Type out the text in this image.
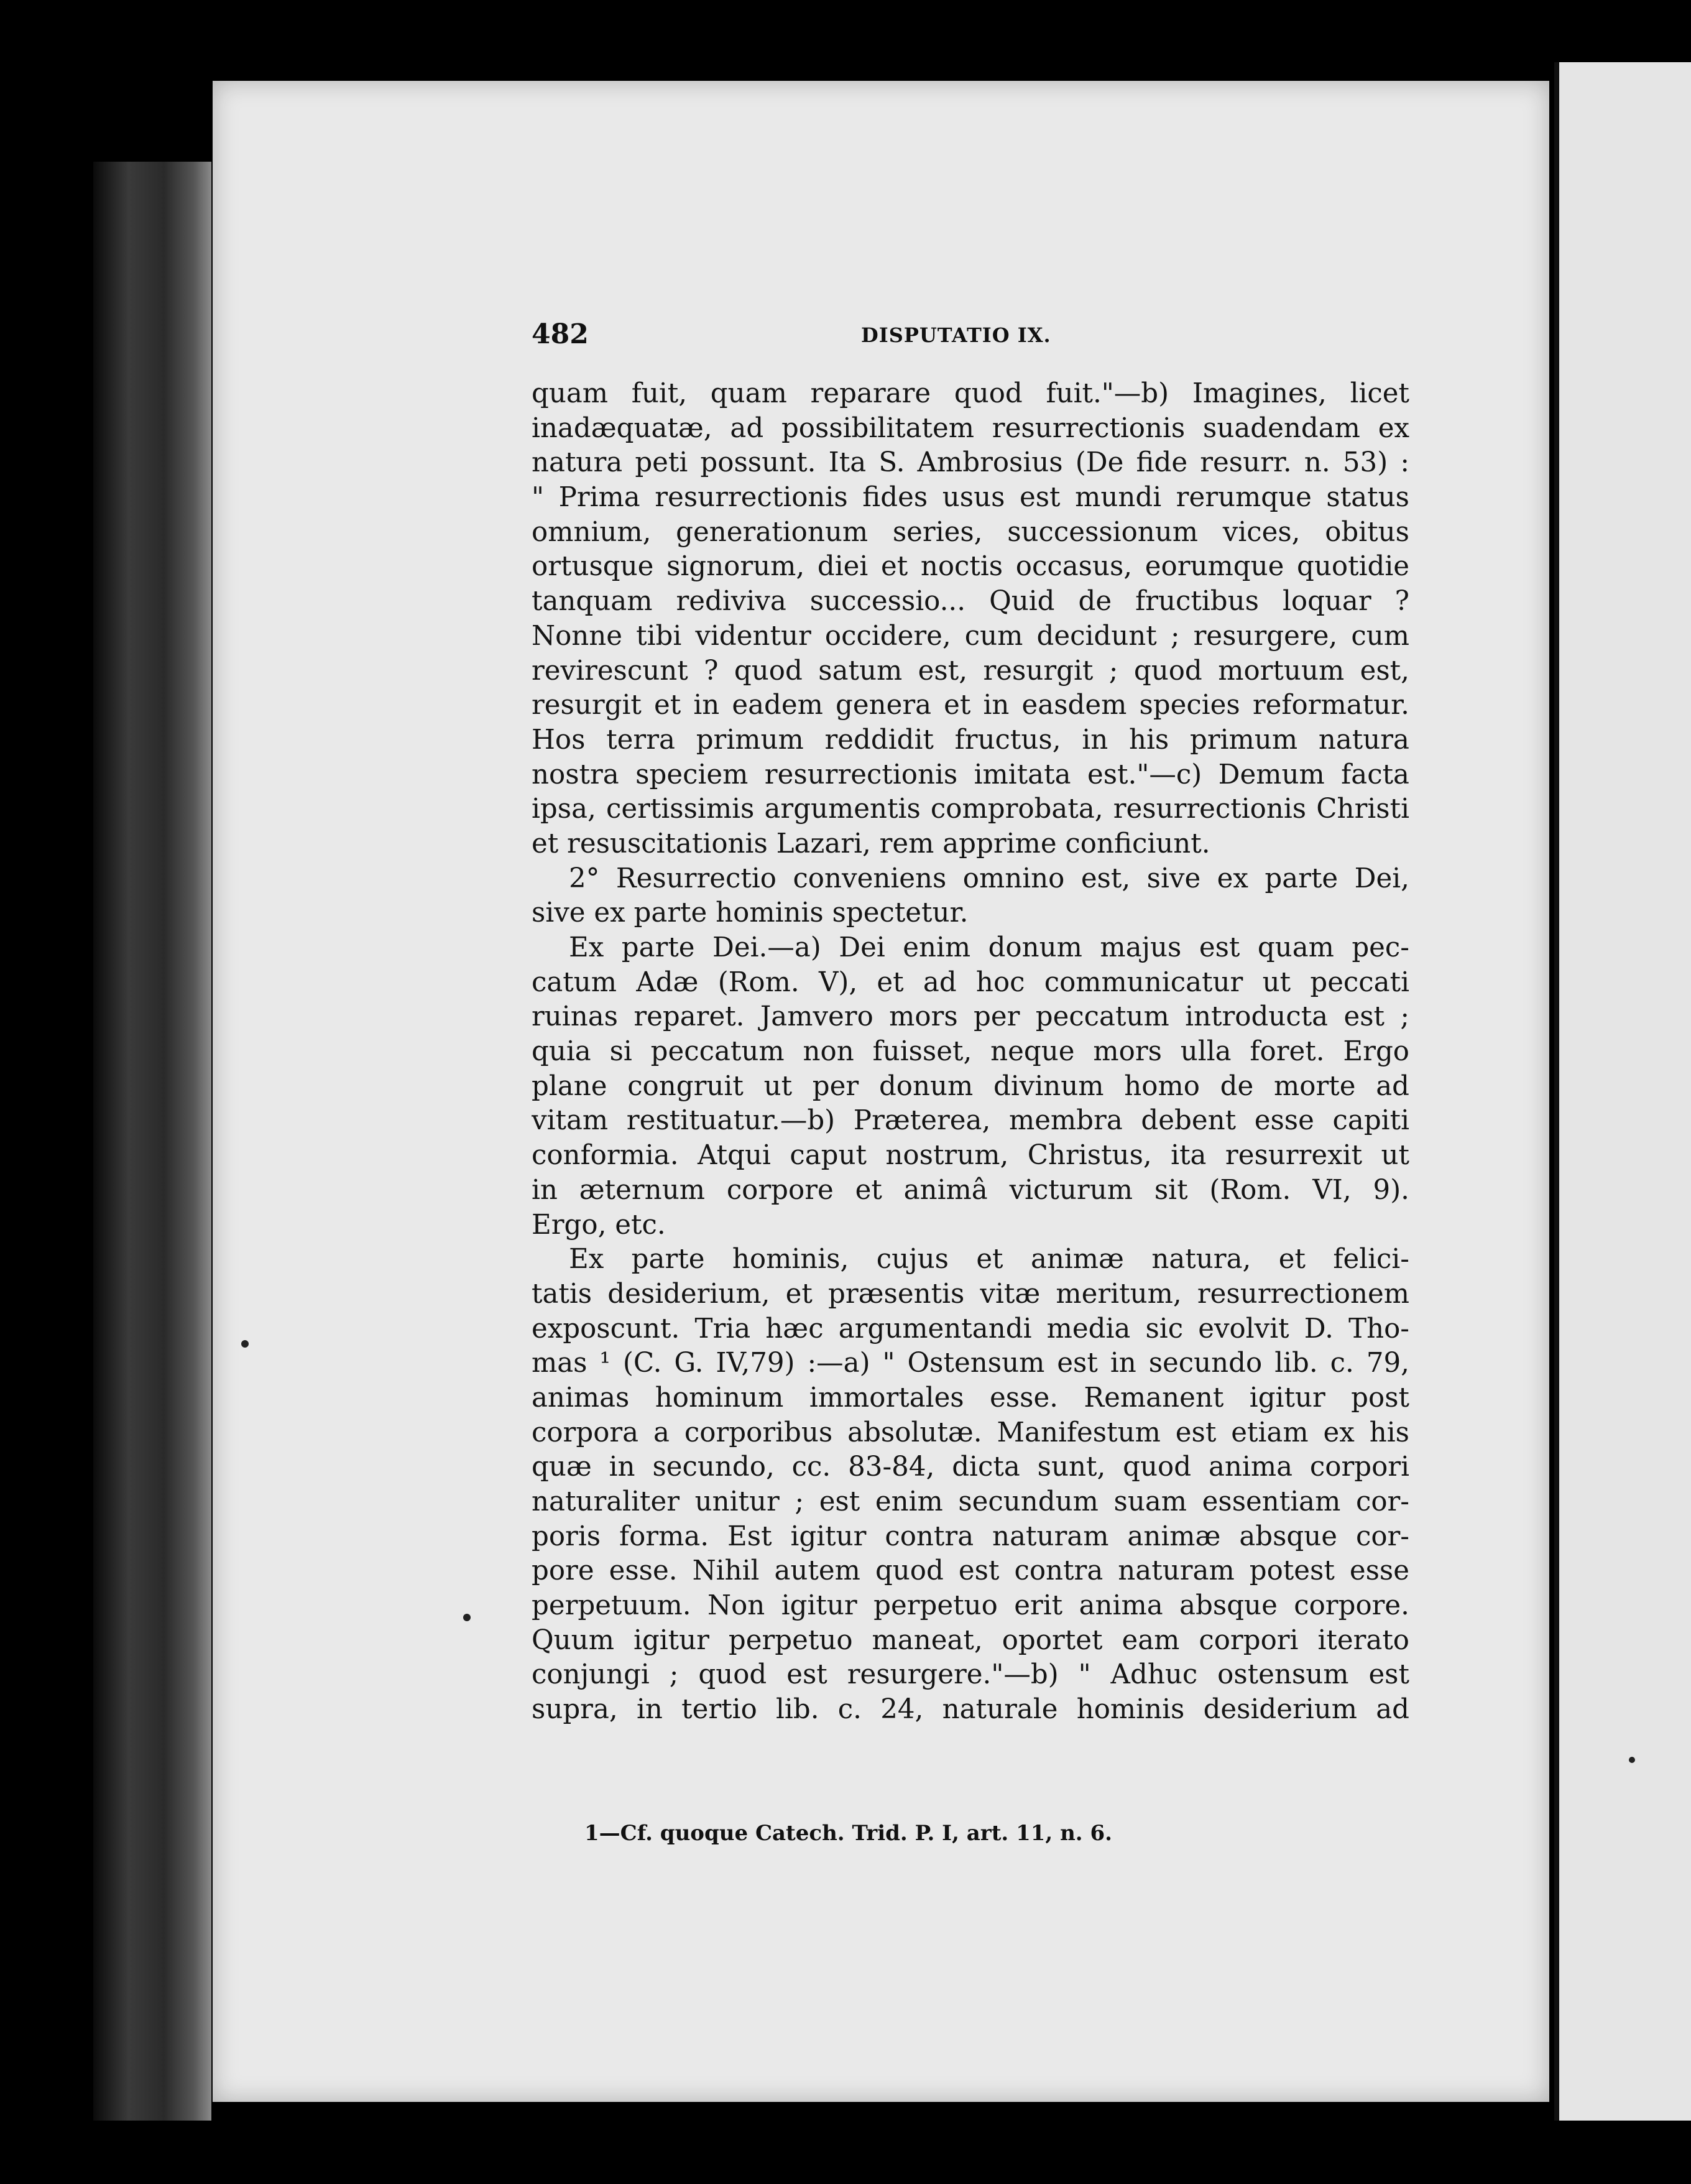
482	DISPUTATIO IX.
quam fuit, quam reparare quod fuit."—b) Imagines, licet
inadæquatæ, ad possibilitatem resurrectionis suadendam ex
natura peti possunt. Ita S. Ambrosius (De fide resurr. n. 53) :
" Prima resurrectionis fides usus est mundi rerumque status
omnium, generationum series, successionum vices, obitus
ortusque signorum, diei et noctis occasus, eorumque quotidie
tanquam rediviva successio... Quid de fructibus loquar ?
Nonne tibi videntur occidere, cum decidunt ; resurgere, cum
revirescunt ? quod satum est, resurgit ; quod mortuum est,
resurgit et in eadem genera et in easdem species reformatur.
Hos terra primum reddidit fructus, in his primum natura
nostra speciem resurrectionis imitata est."—c) Demum facta
ipsa, certissimis argumentis comprobata, resurrectionis Christi
et resuscitationis Lazari, rem apprime conficiunt.
2° Resurrectio conveniens omnino est, sive ex parte Dei,
sive ex parte hominis spectetur.
Ex parte Dei.—a) Dei enim donum majus est quam pec-
catum Adæ (Rom. V), et ad hoc communicatur ut peccati
ruinas reparet. Jamvero mors per peccatum introducta est ;
quia si peccatum non fuisset, neque mors ulla foret. Ergo
plane congruit ut per donum divinum homo de morte ad
vitam restituatur.—b) Præterea, membra debent esse capiti
conformia. Atqui caput nostrum, Christus, ita resurrexit ut
in æternum corpore et animâ victurum sit (Rom. VI, 9).
Ergo, etc.
Ex parte hominis, cujus et animæ natura, et felici-
tatis desiderium, et præsentis vitæ meritum, resurrectionem
exposcunt. Tria hæc argumentandi media sic evolvit D. Tho-
mas ¹ (C. G. IV,79) :—a) " Ostensum est in secundo lib. c. 79,
animas hominum immortales esse. Remanent igitur post
corpora a corporibus absolutæ. Manifestum est etiam ex his
quæ in secundo, cc. 83-84, dicta sunt, quod anima corpori
naturaliter unitur ; est enim secundum suam essentiam cor-
poris forma. Est igitur contra naturam animæ absque cor-
pore esse. Nihil autem quod est contra naturam potest esse
perpetuum. Non igitur perpetuo erit anima absque corpore.
Quum igitur perpetuo maneat, oportet eam corpori iterato
conjungi ; quod est resurgere."—b) " Adhuc ostensum est
supra, in tertio lib. c. 24, naturale hominis desiderium ad
1—Cf. quoque Catech. Trid. P. I, art. 11, n. 6.
